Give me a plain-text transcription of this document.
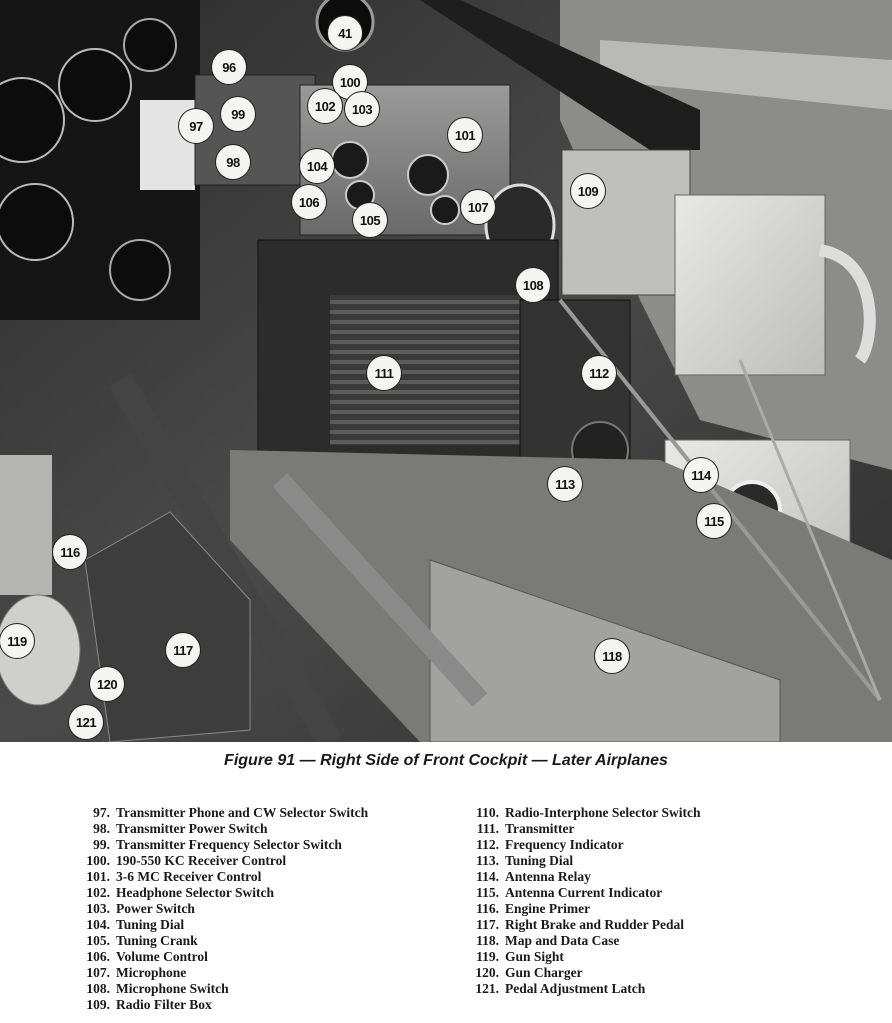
41
96
100
97
99
102	103
101
98	104
106
105
107
109
108
111	112
114
113
115
116
119
117	118
120
121
Figure 91 — Right Side of Front Cockpit — Later Airplanes
97. Transmitter Phone and CW Selector Switch
98. Transmitter Power Switch
99. Transmitter Frequency Selector Switch
100. 190-550 KC Receiver Control
101. 3-6 MC Receiver Control
102. Headphone Selector Switch
103. Power Switch
104. Tuning Dial
105. Tuning Crank
106. Volume Control
107. Microphone
108. Microphone Switch
109. Radio Filter Box
110. Radio-Interphone Selector Switch
111. Transmitter
112. Frequency Indicator
113. Tuning Dial
114. Antenna Relay
115. Antenna Current Indicator
116. Engine Primer
117. Right Brake and Rudder Pedal
118. Map and Data Case
119. Gun Sight
120. Gun Charger
121. Pedal Adjustment Latch
